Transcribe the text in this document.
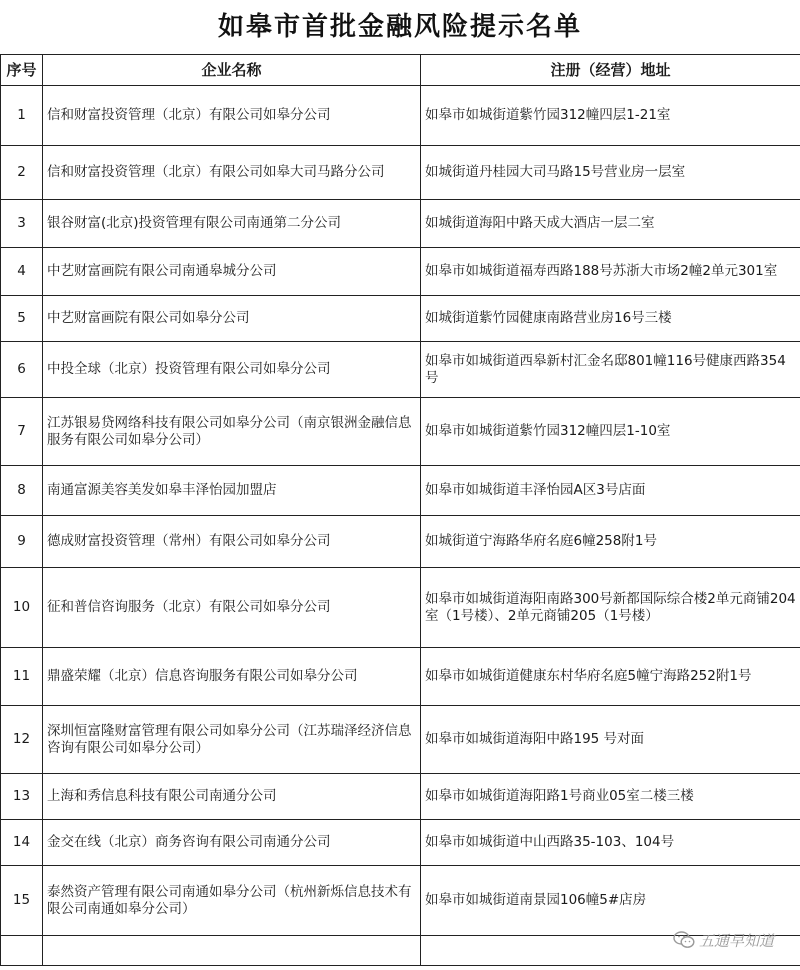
如皋市首批金融风险提示名单
序号	企业名称	注册（经营）地址
1	信和财富投资管理（北京）有限公司如皋分公司	如皋市如城街道紫竹园312幢四层1-21室
2	信和财富投资管理（北京）有限公司如皋大司马路分公司	如城街道丹桂园大司马路15号营业房一层室
3	银谷财富(北京)投资管理有限公司南通第二分公司	如城街道海阳中路天成大酒店一层二室
4	中艺财富画院有限公司南通皋城分公司	如皋市如城街道福寿西路188号苏浙大市场2幢2单元301室
5	中艺财富画院有限公司如皋分公司	如城街道紫竹园健康南路营业房16号三楼
6	中投全球（北京）投资管理有限公司如皋分公司	如皋市如城街道西皋新村汇金名邸801幢116号健康西路354号
7	江苏银易贷网络科技有限公司如皋分公司（南京银洲金融信息服务有限公司如皋分公司）	如皋市如城街道紫竹园312幢四层1-10室
8	南通富源美容美发如皋丰泽怡园加盟店	如皋市如城街道丰泽怡园A区3号店面
9	德成财富投资管理（常州）有限公司如皋分公司	如城街道宁海路华府名庭6幢258附1号
10	征和普信咨询服务（北京）有限公司如皋分公司	如皋市如城街道海阳南路300号新都国际综合楼2单元商铺204室（1号楼）、2单元商铺205（1号楼）
11	鼎盛荣耀（北京）信息咨询服务有限公司如皋分公司	如皋市如城街道健康东村华府名庭5幢宁海路252附1号
12	深圳恒富隆财富管理有限公司如皋分公司（江苏瑞泽经济信息咨询有限公司如皋分公司）	如皋市如城街道海阳中路195 号对面
13	上海和秀信息科技有限公司南通分公司	如皋市如城街道海阳路1号商业05室二楼三楼
14	金交在线（北京）商务咨询有限公司南通分公司	如皋市如城街道中山西路35-103、104号
15	泰然资产管理有限公司南通如皋分公司（杭州新烁信息技术有限公司南通如皋分公司）	如皋市如城街道南景园106幢5#店房

五通早知道
